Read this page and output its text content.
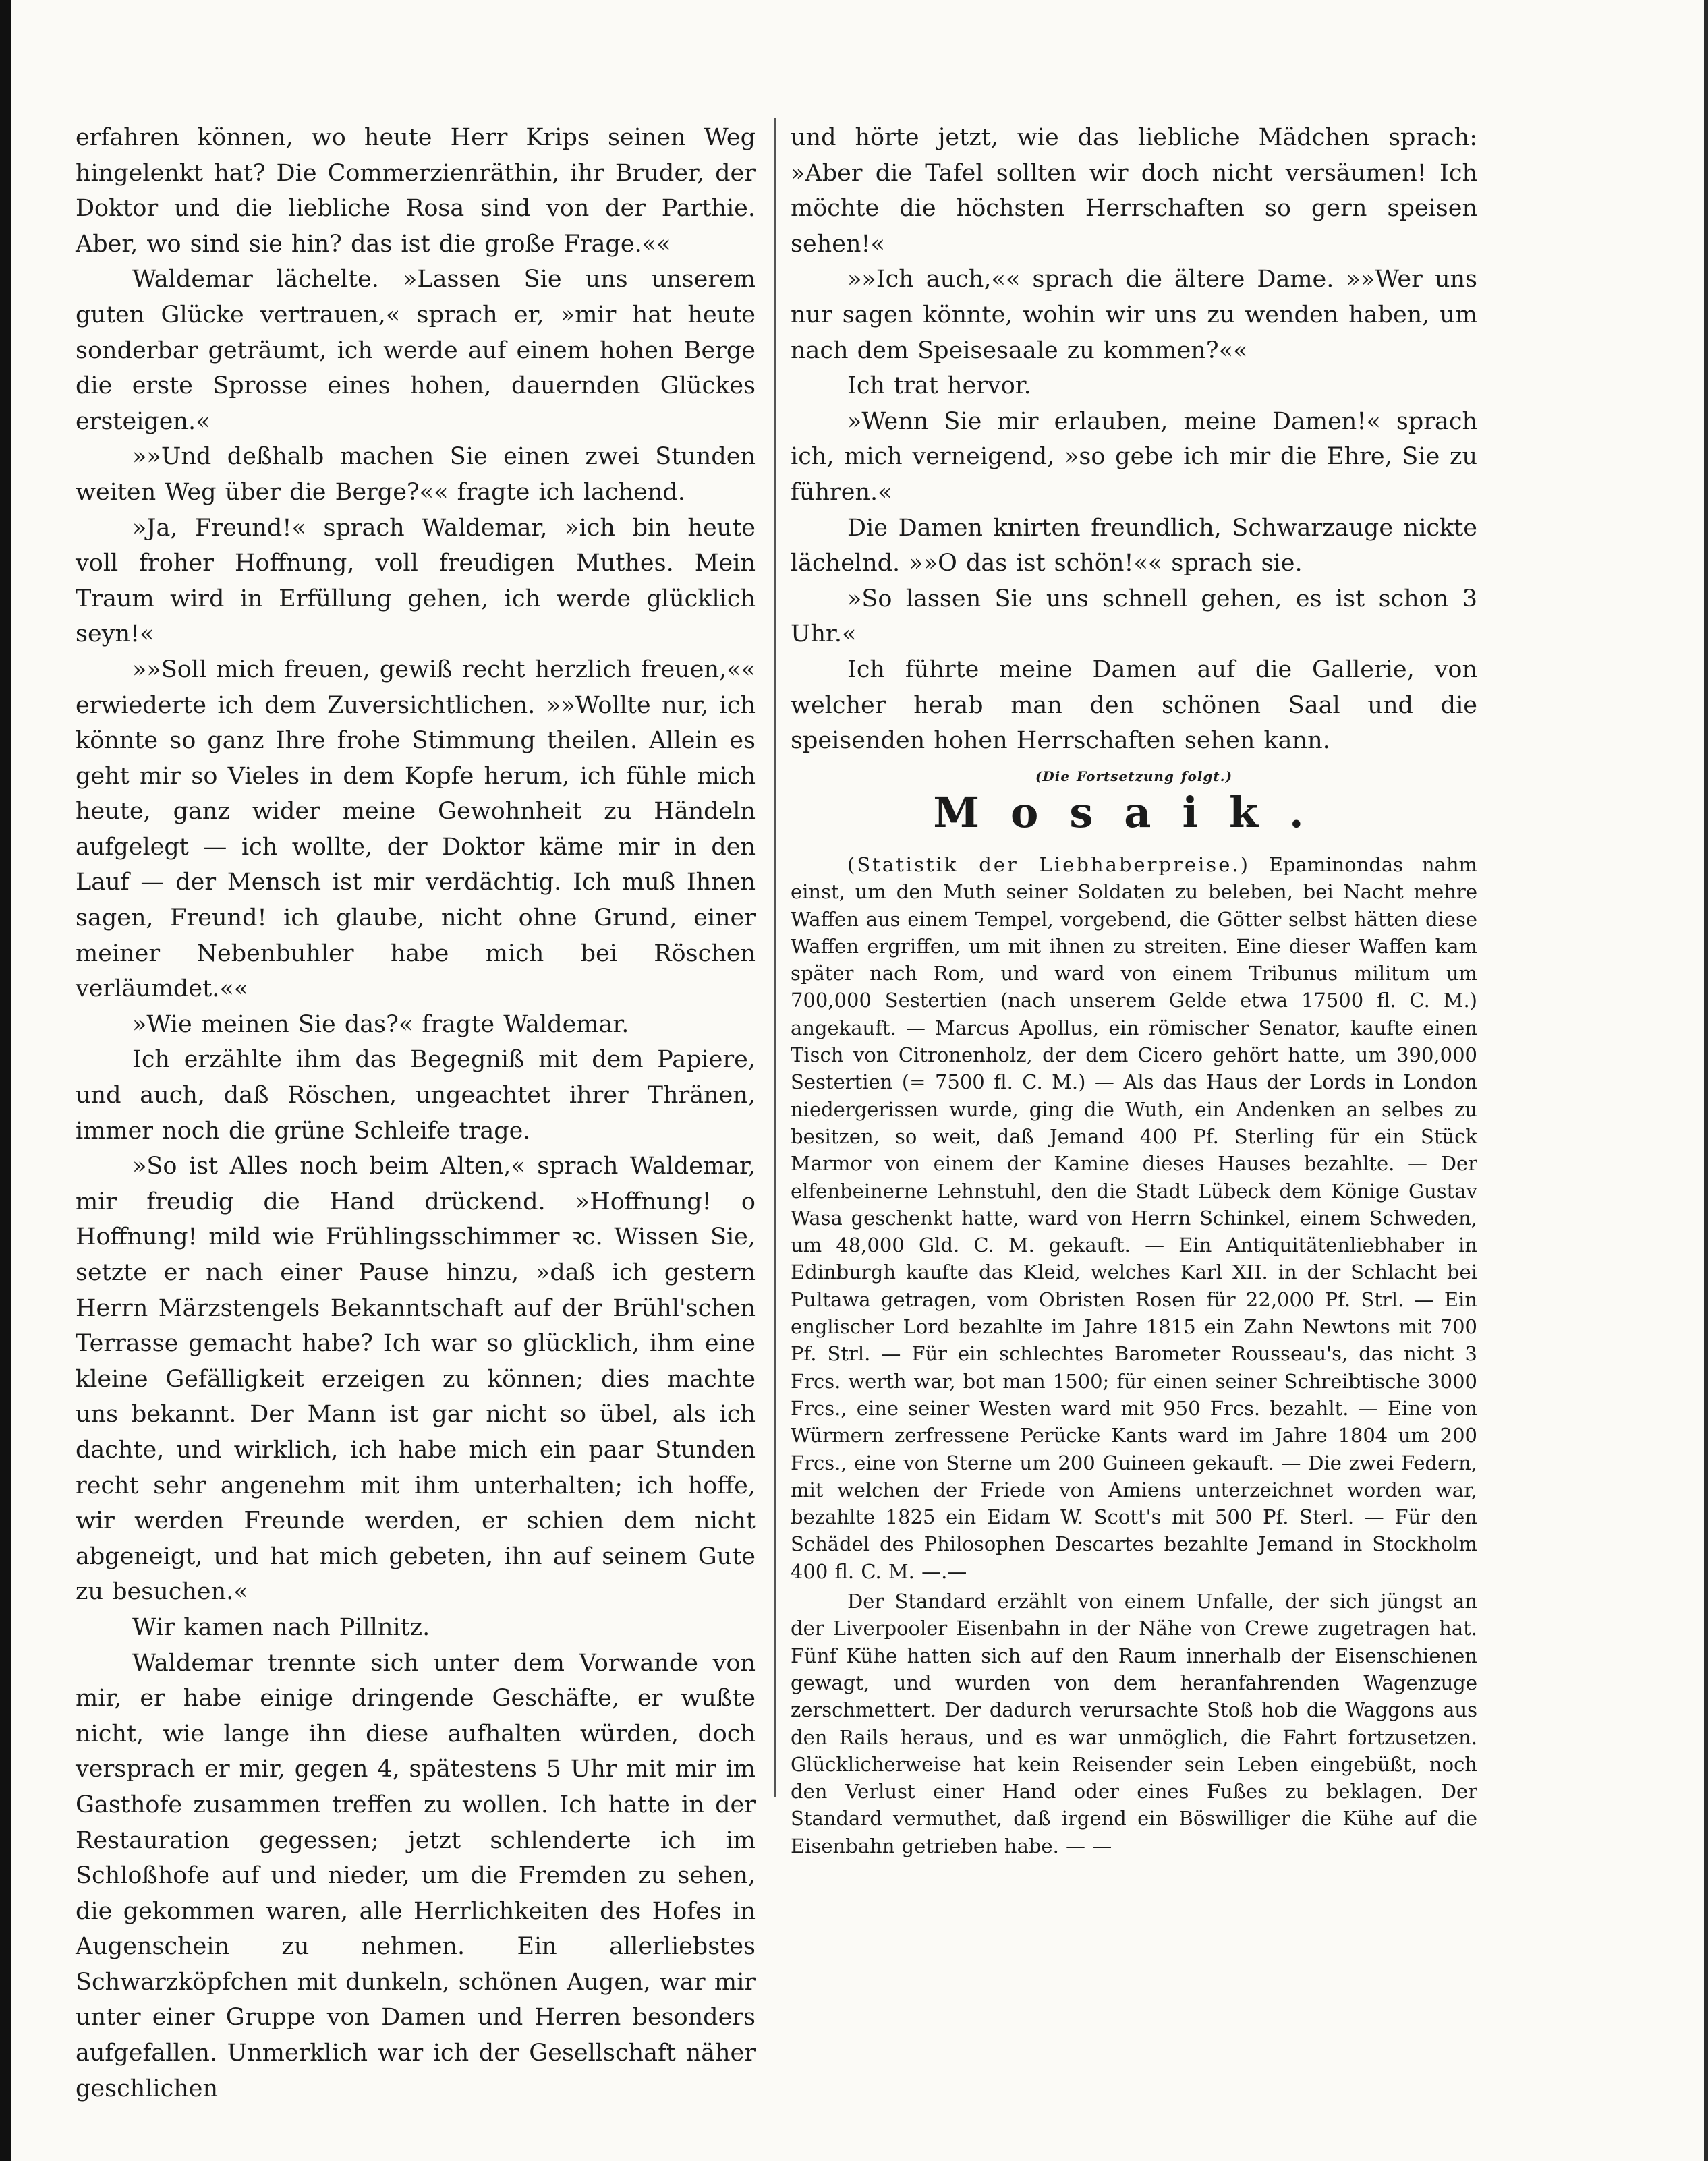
erfahren können, wo heute Herr Krips seinen Weg hingelenkt hat? Die Commerzienräthin, ihr Bruder, der Doktor und die liebliche Rosa sind von der Parthie. Aber, wo sind sie hin? das ist die große Frage.««

Waldemar lächelte. »Lassen Sie uns unserem guten Glücke vertrauen,« sprach er, »mir hat heute sonderbar geträumt, ich werde auf einem hohen Berge die erste Sprosse eines hohen, dauernden Glückes ersteigen.«

»»Und deßhalb machen Sie einen zwei Stunden weiten Weg über die Berge?«« fragte ich lachend.

»Ja, Freund!« sprach Waldemar, »ich bin heute voll froher Hoffnung, voll freudigen Muthes. Mein Traum wird in Erfüllung gehen, ich werde glücklich seyn!«

»»Soll mich freuen, gewiß recht herzlich freuen,«« erwiederte ich dem Zuversichtlichen. »»Wollte nur, ich könnte so ganz Ihre frohe Stimmung theilen. Allein es geht mir so Vieles in dem Kopfe herum, ich fühle mich heute, ganz wider meine Gewohnheit zu Händeln aufgelegt — ich wollte, der Doktor käme mir in den Lauf — der Mensch ist mir verdächtig. Ich muß Ihnen sagen, Freund! ich glaube, nicht ohne Grund, einer meiner Nebenbuhler habe mich bei Röschen verläumdet.««

»Wie meinen Sie das?« fragte Waldemar.

Ich erzählte ihm das Begegniß mit dem Papiere, und auch, daß Röschen, ungeachtet ihrer Thränen, immer noch die grüne Schleife trage.

»So ist Alles noch beim Alten,« sprach Waldemar, mir freudig die Hand drückend. »Hoffnung! o Hoffnung! mild wie Frühlingsschimmer ꝛc. Wissen Sie, setzte er nach einer Pause hinzu, »daß ich gestern Herrn Märzstengels Bekanntschaft auf der Brühl'schen Terrasse gemacht habe? Ich war so glücklich, ihm eine kleine Gefälligkeit erzeigen zu können; dies machte uns bekannt. Der Mann ist gar nicht so übel, als ich dachte, und wirklich, ich habe mich ein paar Stunden recht sehr angenehm mit ihm unterhalten; ich hoffe, wir werden Freunde werden, er schien dem nicht abgeneigt, und hat mich gebeten, ihn auf seinem Gute zu besuchen.«

Wir kamen nach Pillnitz.

Waldemar trennte sich unter dem Vorwande von mir, er habe einige dringende Geschäfte, er wußte nicht, wie lange ihn diese aufhalten würden, doch versprach er mir, gegen 4, spätestens 5 Uhr mit mir im Gasthofe zusammen treffen zu wollen. Ich hatte in der Restauration gegessen; jetzt schlenderte ich im Schloßhofe auf und nieder, um die Fremden zu sehen, die gekommen waren, alle Herrlichkeiten des Hofes in Augenschein zu nehmen. Ein allerliebstes Schwarzköpfchen mit dunkeln, schönen Augen, war mir unter einer Gruppe von Damen und Herren besonders aufgefallen. Unmerklich war ich der Gesellschaft näher geschlichen

und hörte jetzt, wie das liebliche Mädchen sprach: »Aber die Tafel sollten wir doch nicht versäumen! Ich möchte die höchsten Herrschaften so gern speisen sehen!«

»»Ich auch,«« sprach die ältere Dame. »»Wer uns nur sagen könnte, wohin wir uns zu wenden haben, um nach dem Speisesaale zu kommen?««

Ich trat hervor.

»Wenn Sie mir erlauben, meine Damen!« sprach ich, mich verneigend, »so gebe ich mir die Ehre, Sie zu führen.«

Die Damen knirten freundlich, Schwarzauge nickte lächelnd. »»O das ist schön!«« sprach sie.

»So lassen Sie uns schnell gehen, es ist schon 3 Uhr.«

Ich führte meine Damen auf die Gallerie, von welcher herab man den schönen Saal und die speisenden hohen Herrschaften sehen kann.

(Die Fortsetzung folgt.)

Mosaik.

(Statistik der Liebhaberpreise.) Epaminondas nahm einst, um den Muth seiner Soldaten zu beleben, bei Nacht mehre Waffen aus einem Tempel, vorgebend, die Götter selbst hätten diese Waffen ergriffen, um mit ihnen zu streiten. Eine dieser Waffen kam später nach Rom, und ward von einem Tribunus militum um 700,000 Sestertien (nach unserem Gelde etwa 17500 fl. C. M.) angekauft. — Marcus Apollus, ein römischer Senator, kaufte einen Tisch von Citronenholz, der dem Cicero gehört hatte, um 390,000 Sestertien (= 7500 fl. C. M.) — Als das Haus der Lords in London niedergerissen wurde, ging die Wuth, ein Andenken an selbes zu besitzen, so weit, daß Jemand 400 Pf. Sterling für ein Stück Marmor von einem der Kamine dieses Hauses bezahlte. — Der elfenbeinerne Lehnstuhl, den die Stadt Lübeck dem Könige Gustav Wasa geschenkt hatte, ward von Herrn Schinkel, einem Schweden, um 48,000 Gld. C. M. gekauft. — Ein Antiquitätenliebhaber in Edinburgh kaufte das Kleid, welches Karl XII. in der Schlacht bei Pultawa getragen, vom Obristen Rosen für 22,000 Pf. Strl. — Ein englischer Lord bezahlte im Jahre 1815 ein Zahn Newtons mit 700 Pf. Strl. — Für ein schlechtes Barometer Rousseau's, das nicht 3 Frcs. werth war, bot man 1500; für einen seiner Schreibtische 3000 Frcs., eine seiner Westen ward mit 950 Frcs. bezahlt. — Eine von Würmern zerfressene Perücke Kants ward im Jahre 1804 um 200 Frcs., eine von Sterne um 200 Guineen gekauft. — Die zwei Federn, mit welchen der Friede von Amiens unterzeichnet worden war, bezahlte 1825 ein Eidam W. Scott's mit 500 Pf. Sterl. — Für den Schädel des Philosophen Descartes bezahlte Jemand in Stockholm 400 fl. C. M. —.—

Der Standard erzählt von einem Unfalle, der sich jüngst an der Liverpooler Eisenbahn in der Nähe von Crewe zugetragen hat. Fünf Kühe hatten sich auf den Raum innerhalb der Eisenschienen gewagt, und wurden von dem heranfahrenden Wagenzuge zerschmettert. Der dadurch verursachte Stoß hob die Waggons aus den Rails heraus, und es war unmöglich, die Fahrt fortzusetzen. Glücklicherweise hat kein Reisender sein Leben eingebüßt, noch den Verlust einer Hand oder eines Fußes zu beklagen. Der Standard vermuthet, daß irgend ein Böswilliger die Kühe auf die Eisenbahn getrieben habe. — —
